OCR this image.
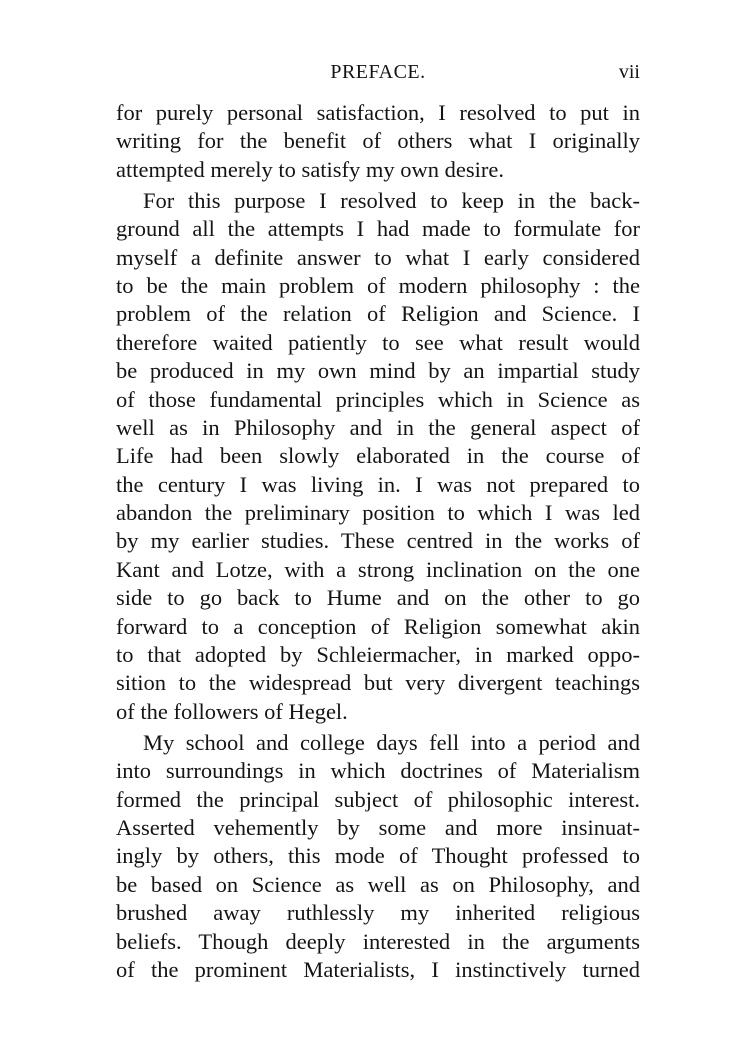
PREFACE.	vii
for purely personal satisfaction, I resolved to put in
writing for the benefit of others what I originally
attempted merely to satisfy my own desire.
For this purpose I resolved to keep in the back-
ground all the attempts I had made to formulate for
myself a definite answer to what I early considered
to be the main problem of modern philosophy : the
problem of the relation of Religion and Science. I
therefore waited patiently to see what result would
be produced in my own mind by an impartial study
of those fundamental principles which in Science as
well as in Philosophy and in the general aspect of
Life had been slowly elaborated in the course of
the century I was living in. I was not prepared to
abandon the preliminary position to which I was led
by my earlier studies. These centred in the works of
Kant and Lotze, with a strong inclination on the one
side to go back to Hume and on the other to go
forward to a conception of Religion somewhat akin
to that adopted by Schleiermacher, in marked oppo-
sition to the widespread but very divergent teachings
of the followers of Hegel.
My school and college days fell into a period and
into surroundings in which doctrines of Materialism
formed the principal subject of philosophic interest.
Asserted vehemently by some and more insinuat-
ingly by others, this mode of Thought professed to
be based on Science as well as on Philosophy, and
brushed away ruthlessly my inherited religious
beliefs. Though deeply interested in the arguments
of the prominent Materialists, I instinctively turned
